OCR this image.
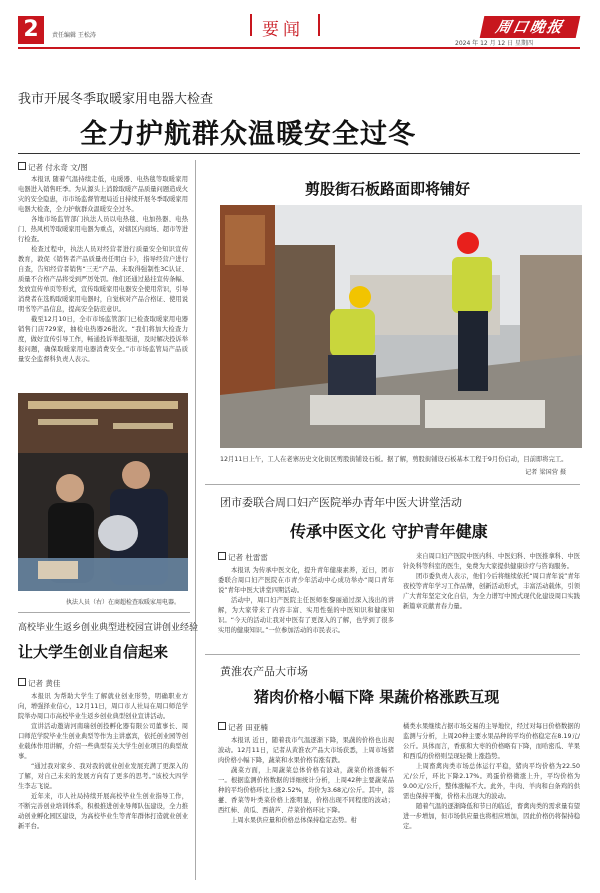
2	责任编辑 王松涛	要闻	周口晚报
2024 年 12 月 12 日 星期四
我市开展冬季取暖家用电器大检查
全力护航群众温暖安全过冬
记者 付永奇 文/图

本报讯 随着气温持续走低，电暖器、电热毯等取暖家用电器进入销售旺季。为从源头上消除取暖产品质量问题造成火灾的安全隐患，市市场监督管理局近日持续开展冬季取暖家用电器大检查，全力护航群众温暖安全过冬。

各地市场监管部门执法人员以电热毯、电加热器、电热门、热风机等取暖家用电器为重点，对辖区内商场、超市等进行检查。

检查过程中，执法人员对经营者进行质量安全知识宣传教育，敦促《销售者产品质量责任明白卡》，指导经营户进行自查，告知经营者销售“三无”产品、未取得强制性3C认证、质量不合格产品将受到严厉处罚。他们还通过悬挂宣传条幅、发放宣传单页等形式，宣传取暖家用电器安全使用常识，引导消费者在选购取暖家用电器时，自觉核对产品合格证、使用说明书等产品信息，提高安全防范意识。

截至12月10日，全市市场监管部门已检查取暖家用电器销售门店729家，抽检电热器26批次。“我们将加大检查力度，做好宣传引导工作，畅通投诉举报渠道，及时解决投诉举报问题，确保取暖家用电器消费安全。”市市场监管局产品质量安全监督科负责人表示。

执法人员（右）在商超检查取暖家用电器。
剪股街石板路面即将铺好
12月11日上午，工人在老寨历史文化街区剪股街铺设石板。据了解，剪股街铺设石板基本工程于9月份启动，目前即将完工。
记者 梁国营 摄
团市委联合周口妇产医院举办青年中医大讲堂活动
传承中医文化 守护青年健康
记者 杜雷雷

本报讯 为传承中医文化，提升青年健康素养，近日，团市委联合周口妇产医院在市青少年活动中心成功举办“周口青年说”青年中医大讲堂四期活动。

活动中，周口妇产医院主任医师张黎丽通过深入浅出的讲解，为大家带来了内容丰富、实用性强的中医知识和健康知识。“今天的活动让我对中医有了更深入的了解，也学到了很多实用的健康知识。”一位参加活动的市民表示。

来自周口妇产医院中医内科、中医妇科、中医推拿科、中医针灸科等科室的医生，免费为大家提供健康诊疗与咨询服务。

团市委负责人表示，他们今后将继续依托“周口青年说”青年夜校等青年学习工作品牌，创新活动形式，丰富活动载体，引领广大青年坚定文化自信，为全力谱写中国式现代化建设周口实践新篇章贡献青春力量。

高校毕业生返乡创业典型进校园宣讲创业经验
让大学生创业自信起来
记者 黄佳

本报讯 为帮助大学生了解就业创业形势，明确职业方向，增强择业信心，12月11日，周口市人社局在周口师范学院举办周口市高校毕业生返乡创业典型创业宣讲活动。

宣讲活动邀请河南瑞创创投孵化器有限公司董事长、周口师范学院毕业生创业典型等作为主讲嘉宾，依托创业园等创业载体作用讲解，介绍一些典型有关大学生创业项目的典型故事。

“通过我对家乡、我对我的就业创业发展充满了更深入的了解，对自己未来的发展方向有了更多的思考。”该校大四学生李志飞说。

近年来，市人社局持续开展高校毕业生创业指导工作，不断完善创业培训体系，积极推进创业导师队伍建设，全力推动创业孵化园区建设，为高校毕业生等青年群体打造就业创业新平台。

黄淮农产品大市场
猪肉价格小幅下降 果蔬价格涨跌互现
记者 田亚楠

本报讯 近日，随着我市气温逐渐下降，果蔬的价格也出现波动。12月11日，记者从黄淮农产品大市场获悉，上周市场猪肉价格小幅下降，蔬菜和水果价格有涨有跌。

蔬菜方面，上周蔬菜总体价格有波动，蔬菜价格涨幅不一。根据监测价格数据的详细统计分析，上周42种主要蔬菜品种的平均价格环比上涨2.52%，均价为3.68元/公斤。其中，蒜薹、香菜等叶类菜价格上涨明显，价格出现不同程度的波动；西红柿、黄瓜、西葫芦、芹菜价格环比下降。

上周水果供应量和价格总体保持稳定态势。柑

橘类水果继续占据市场交易的主导地位，经过对每日价格数据的监测与分析，上周20种主要水果品种的平均价格稳定在8.19元/公斤。具体而言，香蕉和大枣的价格略有下降，而哈密瓜、苹果和西瓜的价格则呈现轻微上涨趋势。

上周畜禽肉类市场总体运行平稳，猪肉平均价格为22.50元/公斤，环比下降2.17%。鸡蛋价格微涨上升，平均价格为9.00元/公斤，整体涨幅不大。此外，牛肉、羊肉和白条鸡的供需也保持平衡，价格未出现大的波动。

随着气温的逐渐降低和节日的临近，畜禽肉类的需求量有望进一步增加，但市场供应量也将相应增加，因此价格仍将保持稳定。
